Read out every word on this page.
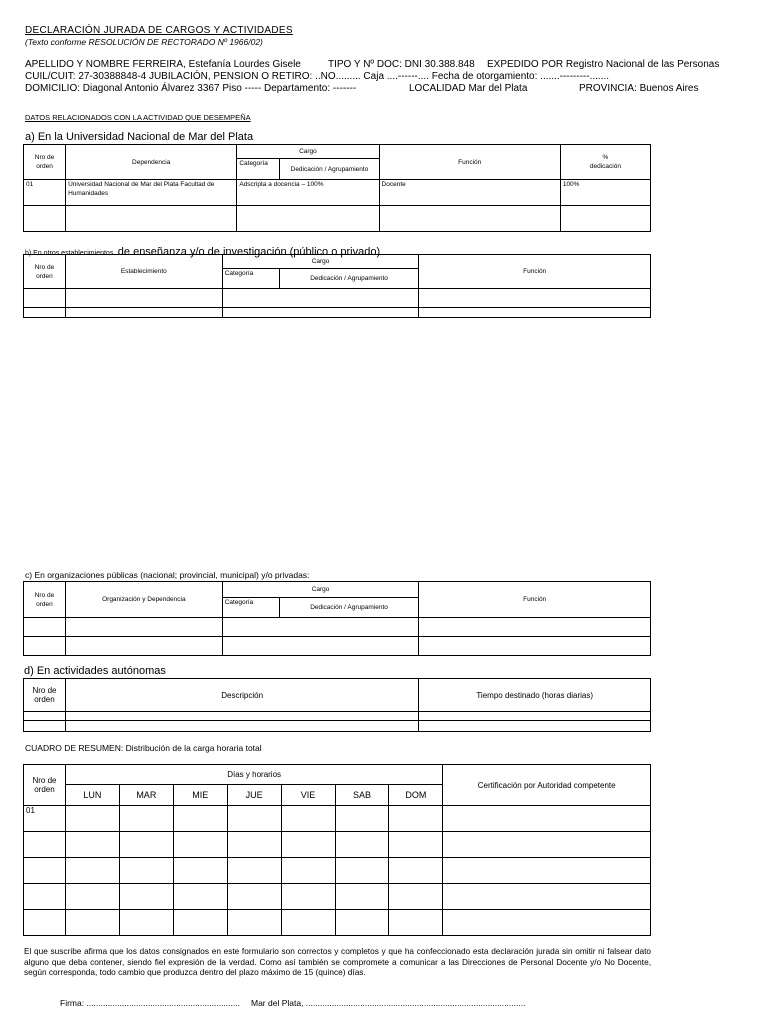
DECLARACIÓN JURADA DE CARGOS Y ACTIVIDADES
(Texto conforme RESOLUCIÓN DE RECTORADO Nº 1966/02)
APELLIDO Y NOMBRE FERREIRA, Estefanía Lourdes Gisele	TIPO Y Nº DOC: DNI 30.388.848 EXPEDIDO POR Registro Nacional de las Personas
CUIL/CUIT: 27-30388848-4 JUBILACIÓN, PENSION O RETIRO: ..NO......... Caja ....------.... Fecha de otorgamiento: .......---------.......
DOMICILIO: Diagonal Antonio Álvarez 3367 Piso ----- Departamento: -------	LOCALIDAD Mar del Plata	PROVINCIA: Buenos Aires
DATOS RELACIONADOS CON LA ACTIVIDAD QUE DESEMPEÑA
a) En la Universidad Nacional de Mar del Plata
Nro de orden	Dependencia	Cargo		Función	%
dedicación
		Categoría	Dedicación / Agrupamiento		
01	Universidad Nacional de Mar del Plata Facultad de Humanidades	Adscripta a docencia – 100%		Docente	100%

b) En otros establecimientos de enseñanza y/o de investigación (público o privado)
Nro de orden	Establecimiento	Cargo		Función
		Categoría	Dedicación / Agrupamiento	

c) En organizaciones públicas (nacional; provincial, municipal) y/o privadas:
Nro de orden	Organización y Dependencia	Cargo		Función
		Categoría	Dedicación / Agrupamiento	

d) En actividades autónomas
Nro de orden	Descripción	Tiempo destinado (horas diarias)

CUADRO DE RESUMEN: Distribución de la carga horaria total
Nro de orden	Días y horarios							Certificación por Autoridad competente
	LUN	MAR	MIE	JUE	VIE	SAB	DOM	
01								

El que suscribe afirma que los datos consignados en este formulario son correctos y completos y que ha confeccionado esta declaración jurada sin omitir ni falsear dato alguno que deba contener, siendo fiel expresión de la verdad. Como así también se compromete a comunicar a las Direcciones de Personal Docente y/o No Docente, según corresponda, todo cambio que produzca dentro del plazo máximo de 15 (quince) días.
Firma: ................................................................. Mar del Plata, .............................................................................................
